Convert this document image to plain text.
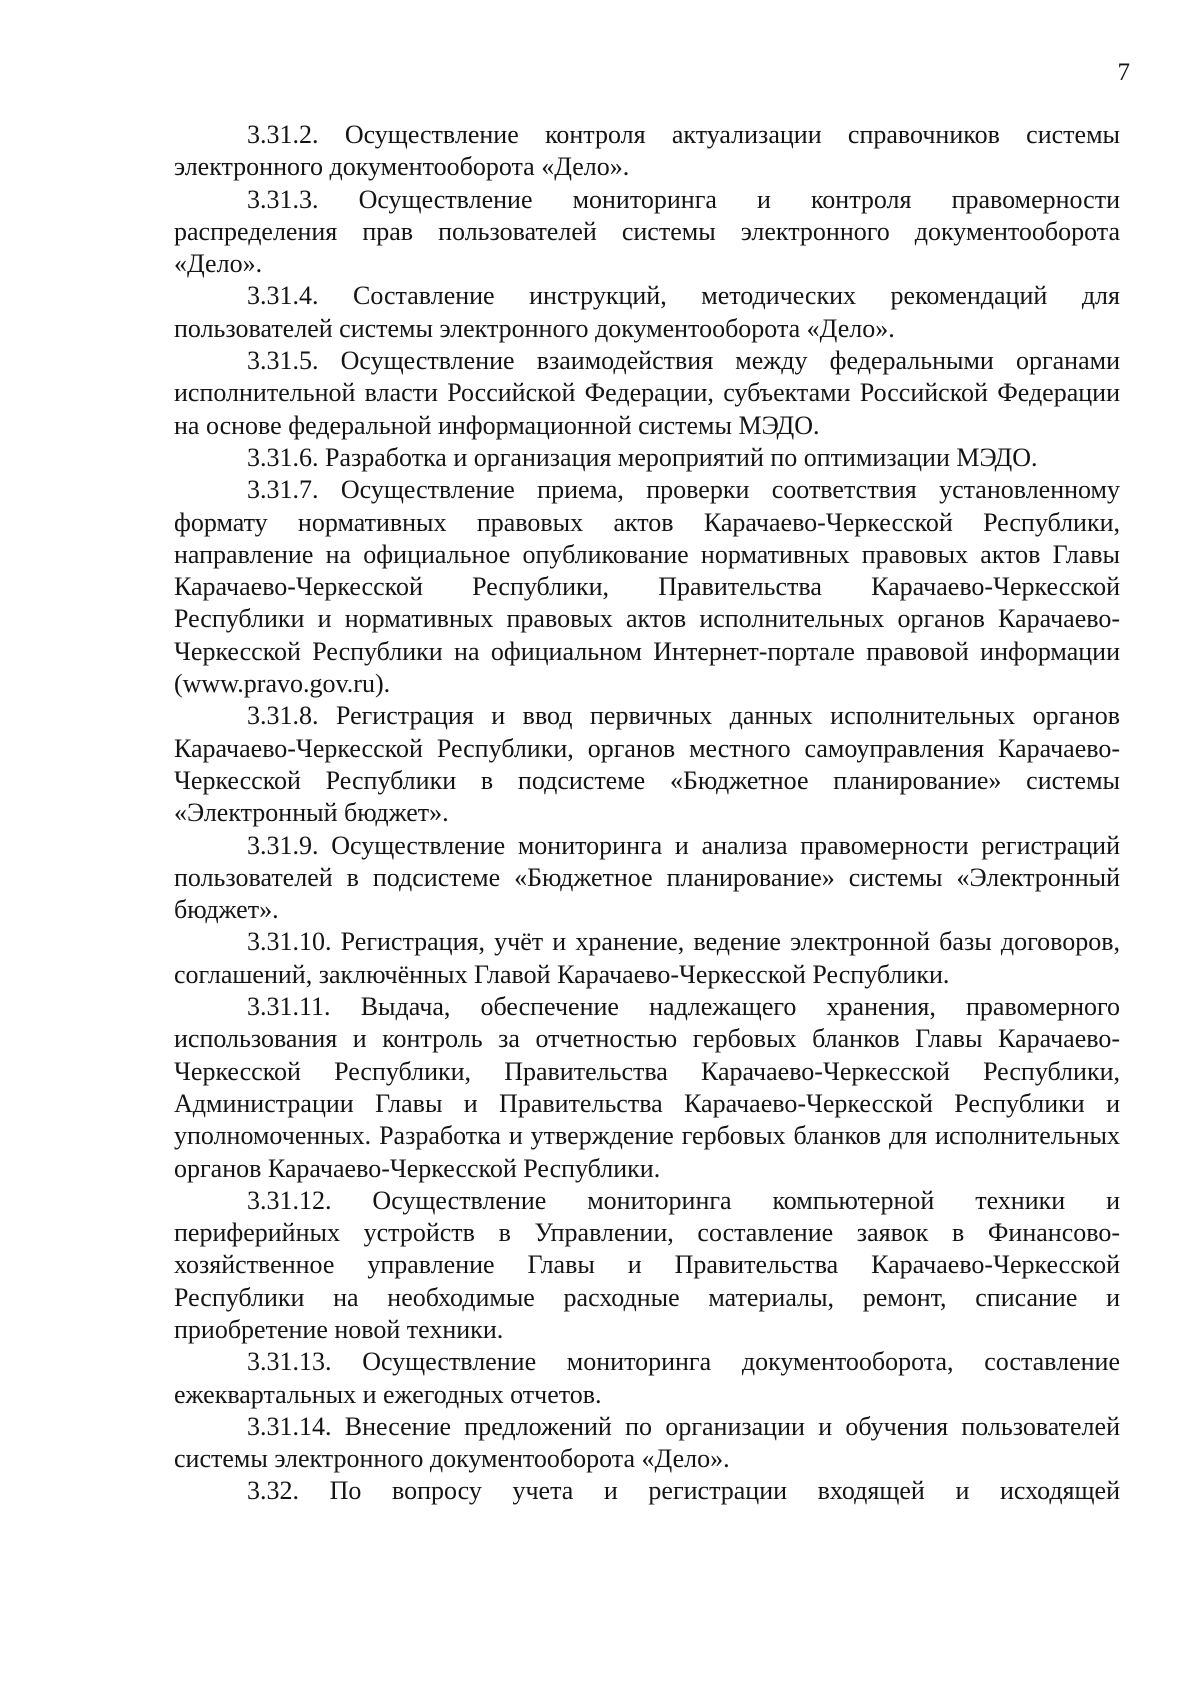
7

3.31.2. Осуществление контроля актуализации справочников системы электронного документооборота «Дело».

3.31.3. Осуществление мониторинга и контроля правомерности распределения прав пользователей системы электронного документооборота «Дело».

3.31.4. Составление инструкций, методических рекомендаций для пользователей системы электронного документооборота «Дело».

3.31.5. Осуществление взаимодействия между федеральными органами исполнительной власти Российской Федерации, субъектами Российской Федерации на основе федеральной информационной системы МЭДО.

3.31.6. Разработка и организация мероприятий по оптимизации МЭДО.

3.31.7. Осуществление приема, проверки соответствия установленному формату нормативных правовых актов Карачаево-Черкесской Республики, направление на официальное опубликование нормативных правовых актов Главы Карачаево-Черкесской Республики, Правительства Карачаево-Черкесской Республики и нормативных правовых актов исполнительных органов Карачаево-Черкесской Республики на официальном Интернет-портале правовой информации (www.pravo.gov.ru).

3.31.8. Регистрация и ввод первичных данных исполнительных органов Карачаево-Черкесской Республики, органов местного самоуправления Карачаево-Черкесской Республики в подсистеме «Бюджетное планирование» системы «Электронный бюджет».

3.31.9. Осуществление мониторинга и анализа правомерности регистраций пользователей в подсистеме «Бюджетное планирование» системы «Электронный бюджет».

3.31.10. Регистрация, учёт и хранение, ведение электронной базы договоров, соглашений, заключённых Главой Карачаево-Черкесской Республики.

3.31.11. Выдача, обеспечение надлежащего хранения, правомерного использования и контроль за отчетностью гербовых бланков Главы Карачаево-Черкесской Республики, Правительства Карачаево-Черкесской Республики, Администрации Главы и Правительства Карачаево-Черкесской Республики и уполномоченных. Разработка и утверждение гербовых бланков для исполнительных органов Карачаево-Черкесской Республики.

3.31.12. Осуществление мониторинга компьютерной техники и периферийных устройств в Управлении, составление заявок в Финансово-хозяйственное управление Главы и Правительства Карачаево-Черкесской Республики на необходимые расходные материалы, ремонт, списание и приобретение новой техники.

3.31.13. Осуществление мониторинга документооборота, составление ежеквартальных и ежегодных отчетов.

3.31.14. Внесение предложений по организации и обучения пользователей системы электронного документооборота «Дело».

3.32. По вопросу учета и регистрации входящей и исходящей
